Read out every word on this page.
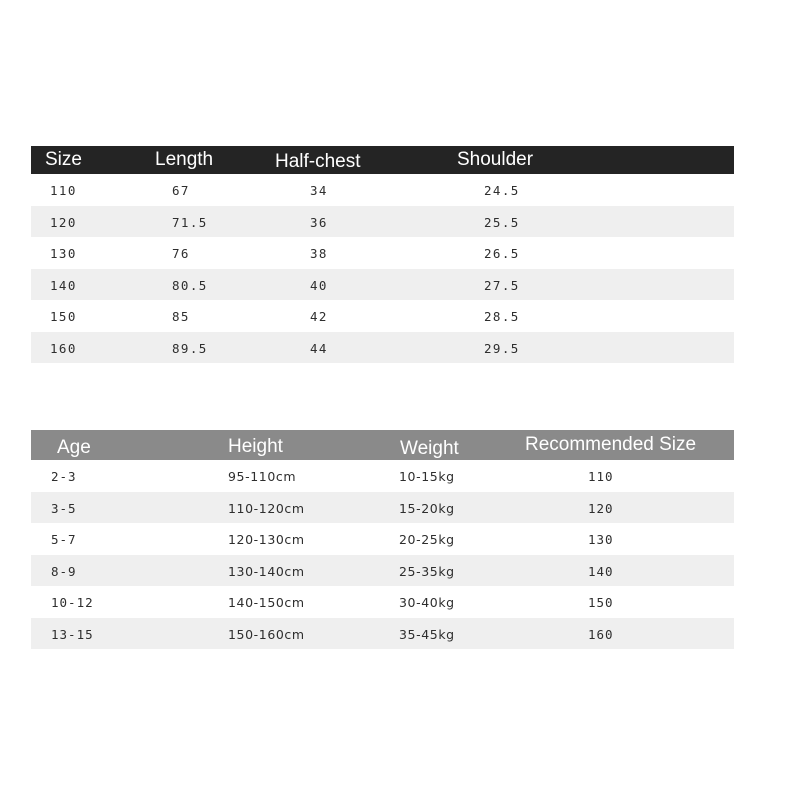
Size	Length	Half-chest	Shoulder
110	67	34	24.5
120	71.5	36	25.5
130	76	38	26.5
140	80.5	40	27.5
150	85	42	28.5
160	89.5	44	29.5
Age	Height	Weight	Recommended Size
2-3	95-110cm	10-15kg	110
3-5	110-120cm	15-20kg	120
5-7	120-130cm	20-25kg	130
8-9	130-140cm	25-35kg	140
10-12	140-150cm	30-40kg	150
13-15	150-160cm	35-45kg	160
